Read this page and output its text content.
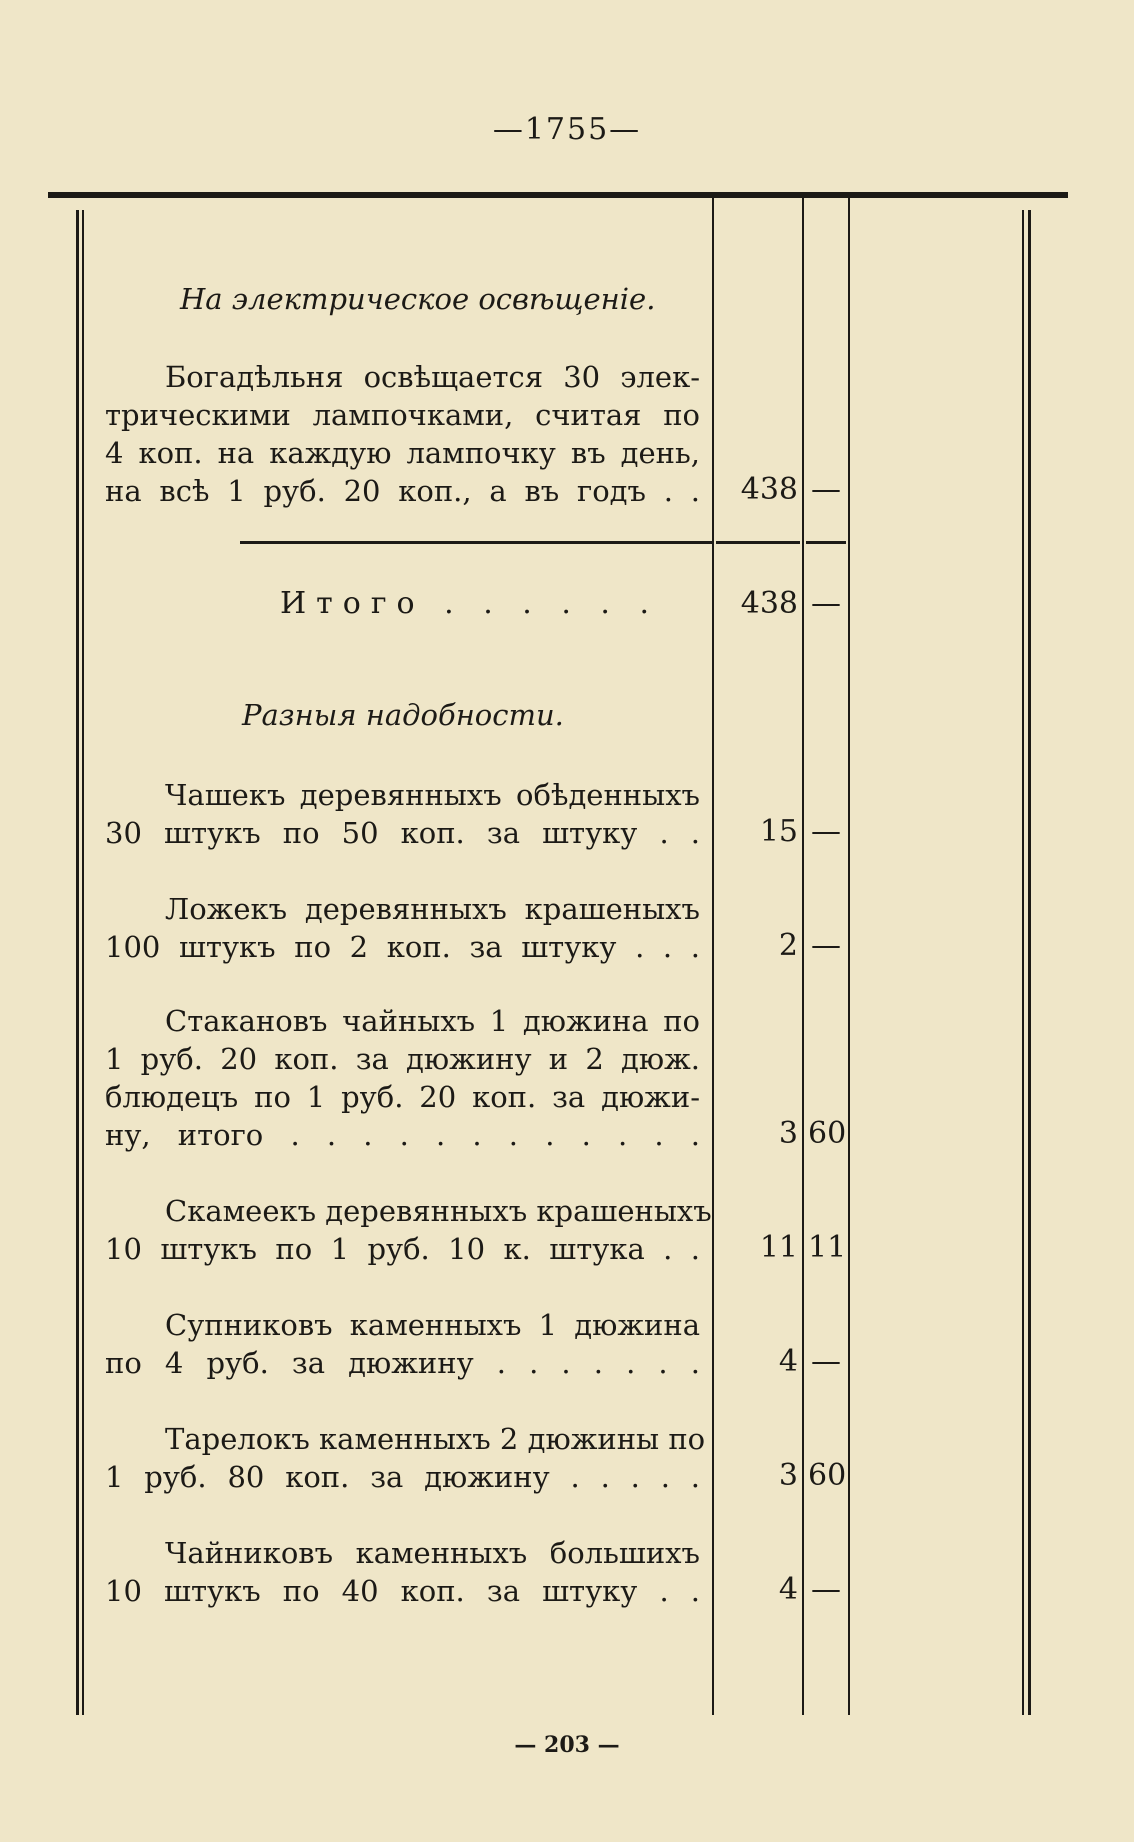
—1755—
На электрическое освѣщеніе.
Богадѣльня освѣщается 30 элек-
трическими лампочками, считая по
4 коп. на каждую лампочку въ день,
на всѣ 1 руб. 20 коп., а въ годъ . . 438 —
Итого . . . . . .	438 —
Разныя надобности.
Чашекъ деревянныхъ обѣденныхъ
30 штукъ по 50 коп. за штуку . . 15 —
Ложекъ деревянныхъ крашеныхъ
100 штукъ по 2 коп. за штуку . . .	2 —
Стакановъ чайныхъ 1 дюжина по
1 руб. 20 коп. за дюжину и 2 дюж.
блюдецъ по 1 руб. 20 коп. за дюжи-
ну, итого . . . . . . . . . . . .	3 60
Скамеекъ деревянныхъ крашеныхъ
10 штукъ по 1 руб. 10 к. штука . . 11 11
Супниковъ каменныхъ 1 дюжина
по 4 руб. за дюжину . . . . . . .	4 —
Тарелокъ каменныхъ 2 дюжины по
1 руб. 80 коп. за дюжину . . . . .	3 60
Чайниковъ каменныхъ большихъ
10 штукъ по 40 коп. за штуку . .	4 —
— 203 —
